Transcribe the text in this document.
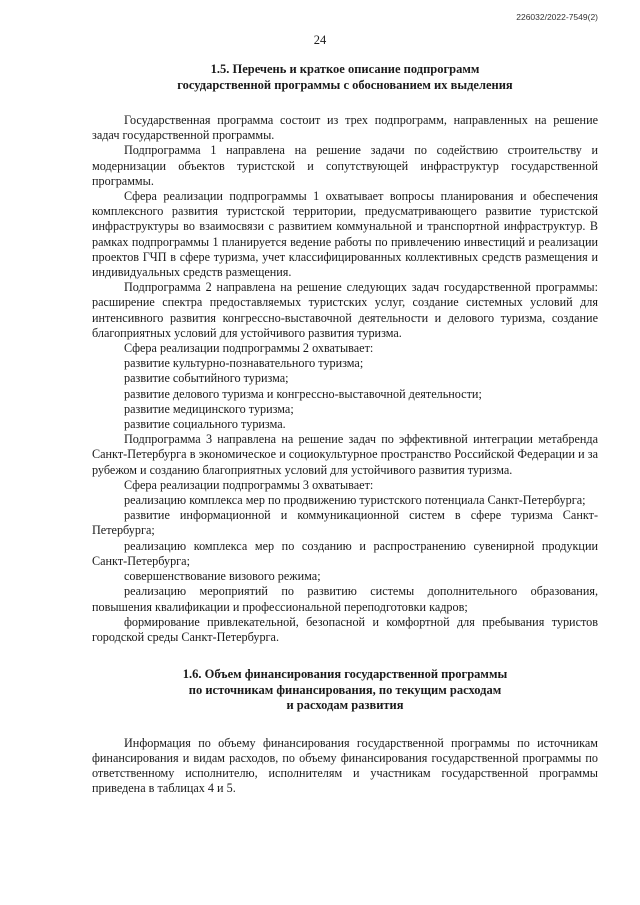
226032/2022-7549(2)
24
1.5. Перечень и краткое описание подпрограмм
государственной программы с обоснованием их выделения

Государственная программа состоит из трех подпрограмм, направленных на решение задач государственной программы.

Подпрограмма 1 направлена на решение задачи по содействию строительству и модернизации объектов туристской и сопутствующей инфраструктур государственной программы.

Сфера реализации подпрограммы 1 охватывает вопросы планирования и обеспечения комплексного развития туристской территории, предусматривающего развитие туристской инфраструктуры во взаимосвязи с развитием коммунальной и транспортной инфраструктур. В рамках подпрограммы 1 планируется ведение работы по привлечению инвестиций и реализации проектов ГЧП в сфере туризма, учет классифицированных коллективных средств размещения и индивидуальных средств размещения.

Подпрограмма 2 направлена на решение следующих задач государственной программы: расширение спектра предоставляемых туристских услуг, создание системных условий для интенсивного развития конгрессно-выставочной деятельности и делового туризма, создание благоприятных условий для устойчивого развития туризма.

Сфера реализации подпрограммы 2 охватывает:

развитие культурно-познавательного туризма;

развитие событийного туризма;

развитие делового туризма и конгрессно-выставочной деятельности;

развитие медицинского туризма;

развитие социального туризма.

Подпрограмма 3 направлена на решение задач по эффективной интеграции метабренда Санкт-Петербурга в экономическое и социокультурное пространство Российской Федерации и за рубежом и созданию благоприятных условий для устойчивого развития туризма.

Сфера реализации подпрограммы 3 охватывает:

реализацию комплекса мер по продвижению туристского потенциала Санкт-Петербурга;

развитие информационной и коммуникационной систем в сфере туризма Санкт-Петербурга;

реализацию комплекса мер по созданию и распространению сувенирной продукции Санкт-Петербурга;

совершенствование визового режима;

реализацию мероприятий по развитию системы дополнительного образования, повышения квалификации и профессиональной переподготовки кадров;

формирование привлекательной, безопасной и комфортной для пребывания туристов городской среды Санкт-Петербурга.

1.6. Объем финансирования государственной программы
по источникам финансирования, по текущим расходам
и расходам развития

Информация по объему финансирования государственной программы по источникам финансирования и видам расходов, по объему финансирования государственной программы по ответственному исполнителю, исполнителям и участникам государственной программы приведена в таблицах 4 и 5.
